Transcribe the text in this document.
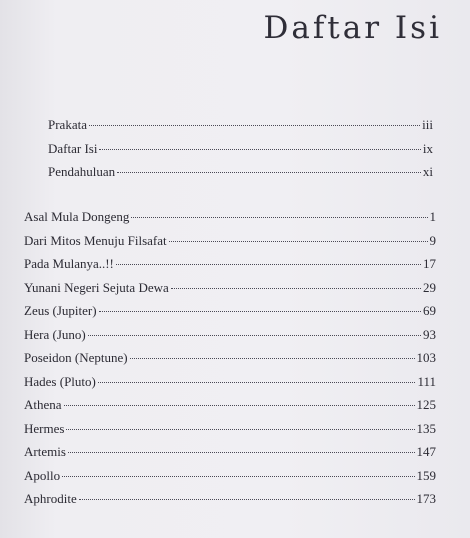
Daftar Isi
Prakata	iii
Daftar Isi	ix
Pendahuluan	xi
Asal Mula Dongeng	1
Dari Mitos Menuju Filsafat	9
Pada Mulanya..!!	17
Yunani Negeri Sejuta Dewa	29
Zeus (Jupiter)	69
Hera (Juno)	93
Poseidon (Neptune)	103
Hades (Pluto)	111
Athena	125
Hermes	135
Artemis	147
Apollo	159
Aphrodite	173
